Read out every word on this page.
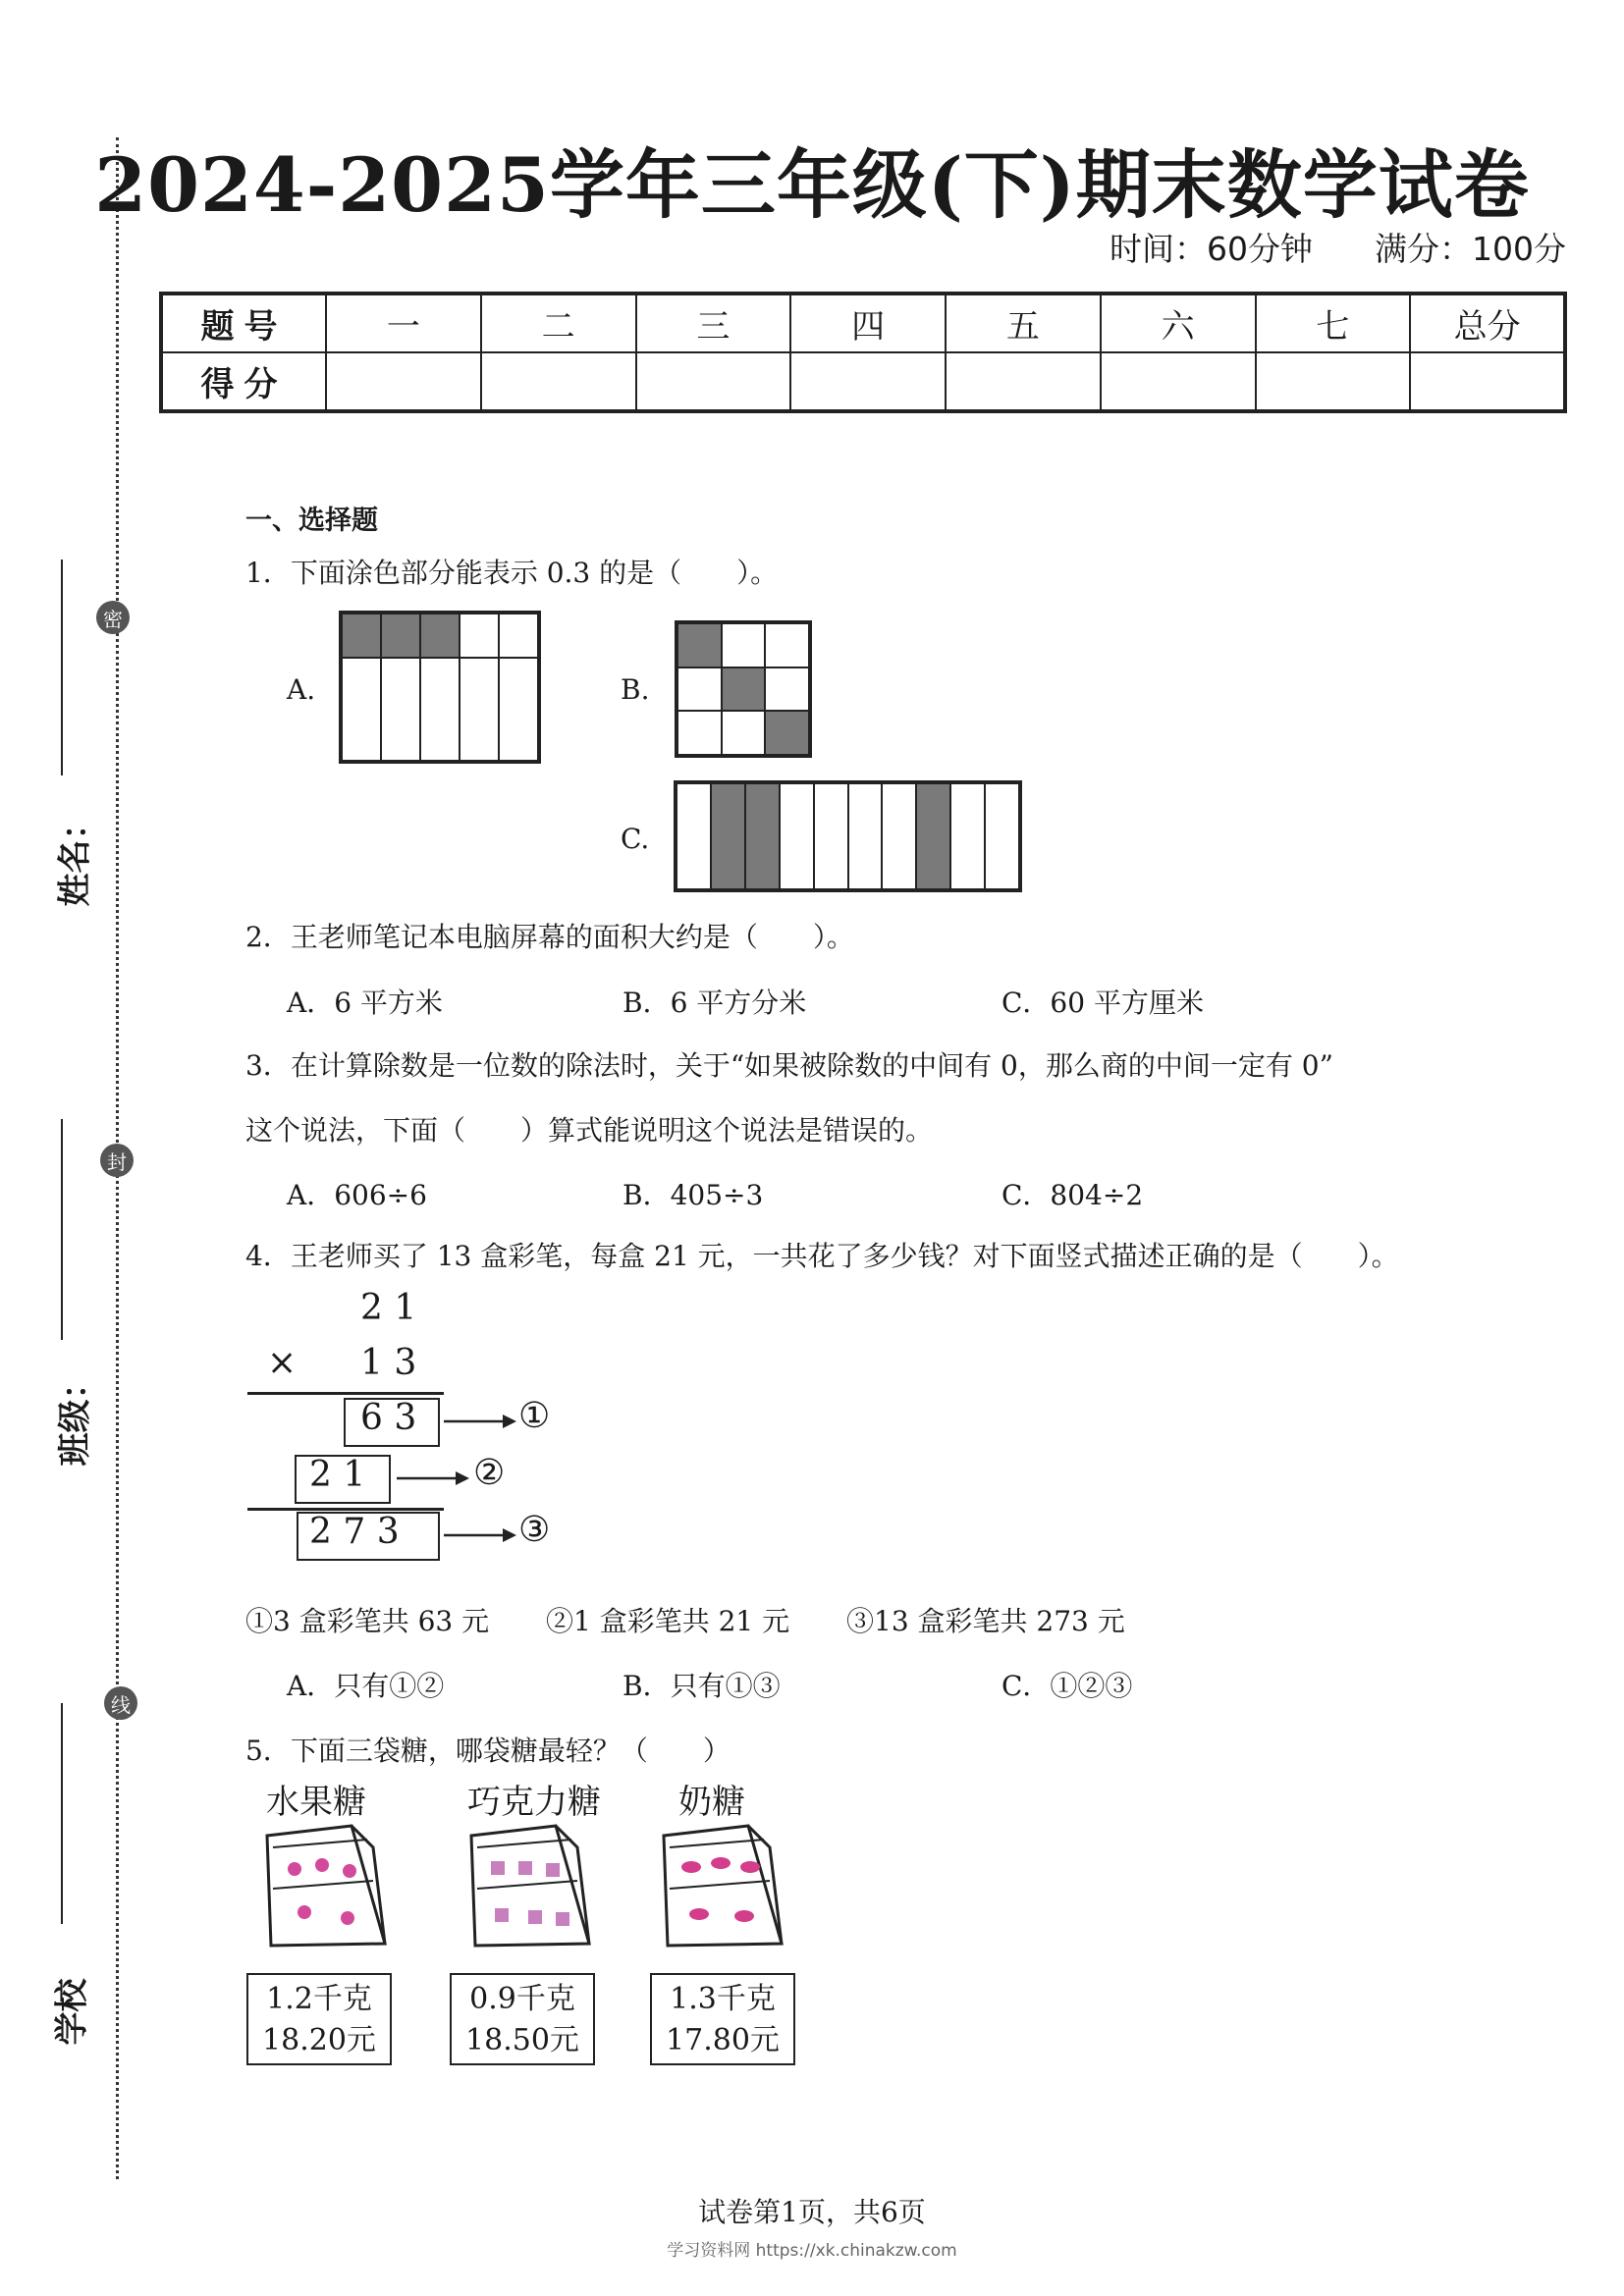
密
封
线
姓名：
班级：
学校
2024-2025学年三年级(下)期末数学试卷
时间：60分钟 满分：100分
题号	一	二	三	四	五	六	七	总分
得分								
一、选择题
1．下面涂色部分能表示 0.3 的是（　　）。
A.	B.
C.
2．王老师笔记本电脑屏幕的面积大约是（　　）。
A．6 平方米	B．6 平方分米	C．60 平方厘米
3．在计算除数是一位数的除法时，关于“如果被除数的中间有 0，那么商的中间一定有 0”
这个说法，下面（　　）算式能说明这个说法是错误的。
A．606÷6	B．405÷3	C．804÷2
4．王老师买了 13 盒彩笔，每盒 21 元，一共花了多少钱？对下面竖式描述正确的是（　　）。
2 1
× 1 3
6 3	①
2 1	②
2 7 3	③
①3 盒彩笔共 63 元 ②1 盒彩笔共 21 元 ③13 盒彩笔共 273 元
A．只有①②	B．只有①③	C．①②③
5．下面三袋糖，哪袋糖最轻？（　　）
水果糖
1.2千克
18.20元
巧克力糖
0.9千克
18.50元
奶糖
1.3千克
17.80元
试卷第1页，共6页
学习资料网 https://xk.chinakzw.com
